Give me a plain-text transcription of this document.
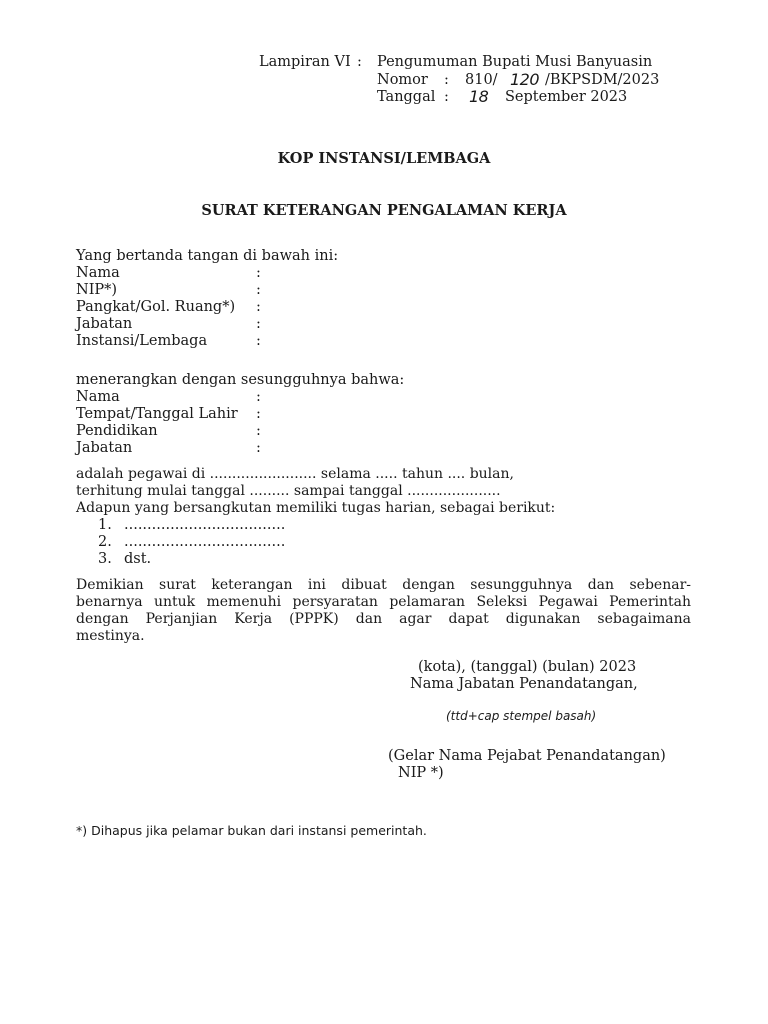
Lampiran VI : Pengumuman Bupati Musi Banyuasin
Nomor : 810/ 120 /BKPSDM/2023
Tanggal : 18 September 2023
KOP INSTANSI/LEMBAGA
SURAT KETERANGAN PENGALAMAN KERJA
Yang bertanda tangan di bawah ini:
Nama	:
NIP*)	:
Pangkat/Gol. Ruang*) :
Jabatan	:
Instansi/Lembaga	:
menerangkan dengan sesungguhnya bahwa:
Nama	:
Tempat/Tanggal Lahir :
Pendidikan	:
Jabatan	:
adalah pegawai di ........................ selama ..... tahun .... bulan,
terhitung mulai tanggal ......... sampai tanggal .....................
Adapun yang bersangkutan memiliki tugas harian, sebagai berikut:
1. ...................................
2. ...................................
3. dst.
Demikian surat keterangan ini dibuat dengan sesungguhnya dan sebenar-
benarnya untuk memenuhi persyaratan pelamaran Seleksi Pegawai Pemerintah
dengan Perjanjian Kerja (PPPK) dan agar dapat digunakan sebagaimana
mestinya.
(kota), (tanggal) (bulan) 2023
Nama Jabatan Penandatangan,
(ttd+cap stempel basah)
(Gelar Nama Pejabat Penandatangan)
NIP *)
*) Dihapus jika pelamar bukan dari instansi pemerintah.
